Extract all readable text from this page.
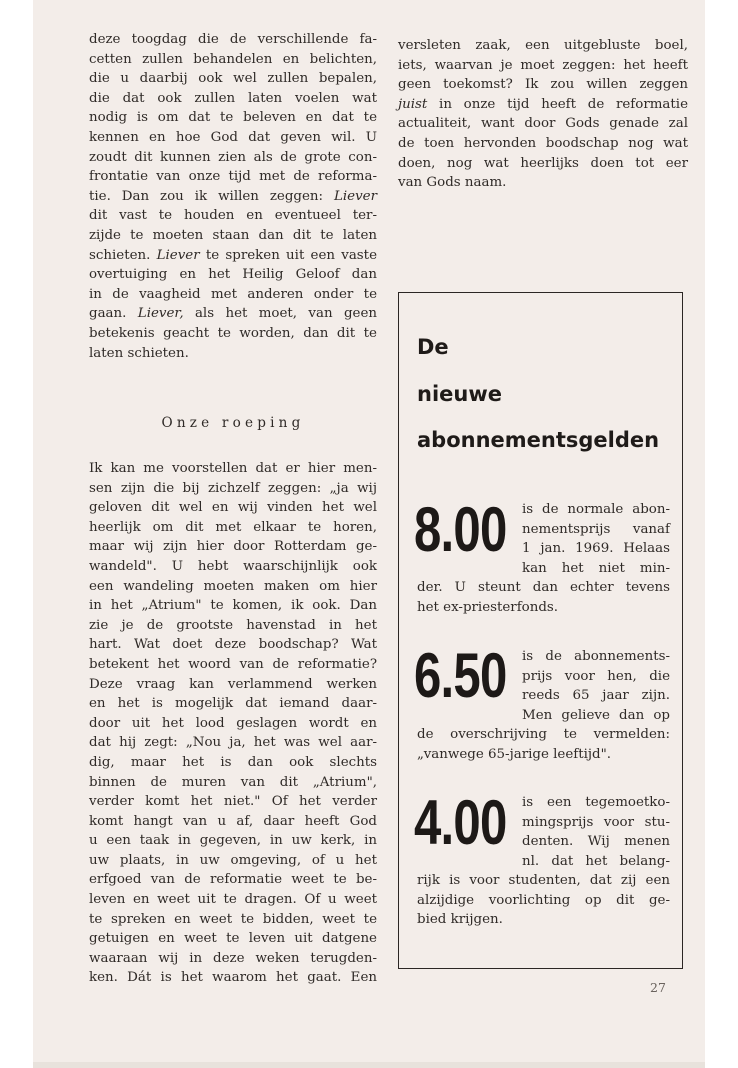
deze toogdag die de verschillende fa-

cetten zullen behandelen en belichten,

die u daarbij ook wel zullen bepalen,

die dat ook zullen laten voelen wat

nodig is om dat te beleven en dat te

kennen en hoe God dat geven wil. U

zoudt dit kunnen zien als de grote con-

frontatie van onze tijd met de reforma-

tie. Dan zou ik willen zeggen: Liever

dit vast te houden en eventueel ter-

zijde te moeten staan dan dit te laten

schieten. Liever te spreken uit een vaste

overtuiging en het Heilig Geloof dan

in de vaagheid met anderen onder te

gaan. Liever, als het moet, van geen

betekenis geacht te worden, dan dit te

laten schieten.

Onze roeping

Ik kan me voorstellen dat er hier men-

sen zijn die bij zichzelf zeggen: „ja wij

geloven dit wel en wij vinden het wel

heerlijk om dit met elkaar te horen,

maar wij zijn hier door Rotterdam ge-

wandeld". U hebt waarschijnlijk ook

een wandeling moeten maken om hier

in het „Atrium" te komen, ik ook. Dan

zie je de grootste havenstad in het

hart. Wat doet deze boodschap? Wat

betekent het woord van de reformatie?

Deze vraag kan verlammend werken

en het is mogelijk dat iemand daar-

door uit het lood geslagen wordt en

dat hij zegt: „Nou ja, het was wel aar-

dig, maar het is dan ook slechts

binnen de muren van dit „Atrium",

verder komt het niet." Of het verder

komt hangt van u af, daar heeft God

u een taak in gegeven, in uw kerk, in

uw plaats, in uw omgeving, of u het

erfgoed van de reformatie weet te be-

leven en weet uit te dragen. Of u weet

te spreken en weet te bidden, weet te

getuigen en weet te leven uit datgene

waaraan wij in deze weken terugden-

ken. Dát is het waarom het gaat. Een

versleten zaak, een uitgebluste boel,

iets, waarvan je moet zeggen: het heeft

geen toekomst? Ik zou willen zeggen

juist in onze tijd heeft de reformatie

actualiteit, want door Gods genade zal

de toen hervonden boodschap nog wat

doen, nog wat heerlijks doen tot eer

van Gods naam.

De
nieuwe
abonnementsgelden
8.00 is de normale abon-

nementsprijs vanaf

1 jan. 1969. Helaas

kan het niet min-

der. U steunt dan echter tevens

het ex-priesterfonds.

6.50 is de abonnements-

prijs voor hen, die

reeds 65 jaar zijn.

Men gelieve dan op

de overschrijving te vermelden:

„vanwege 65-jarige leeftijd".

4.00 is een tegemoetko-

mingsprijs voor stu-

denten. Wij menen

nl. dat het belang-

rijk is voor studenten, dat zij een

alzijdige voorlichting op dit ge-

bied krijgen.

27
